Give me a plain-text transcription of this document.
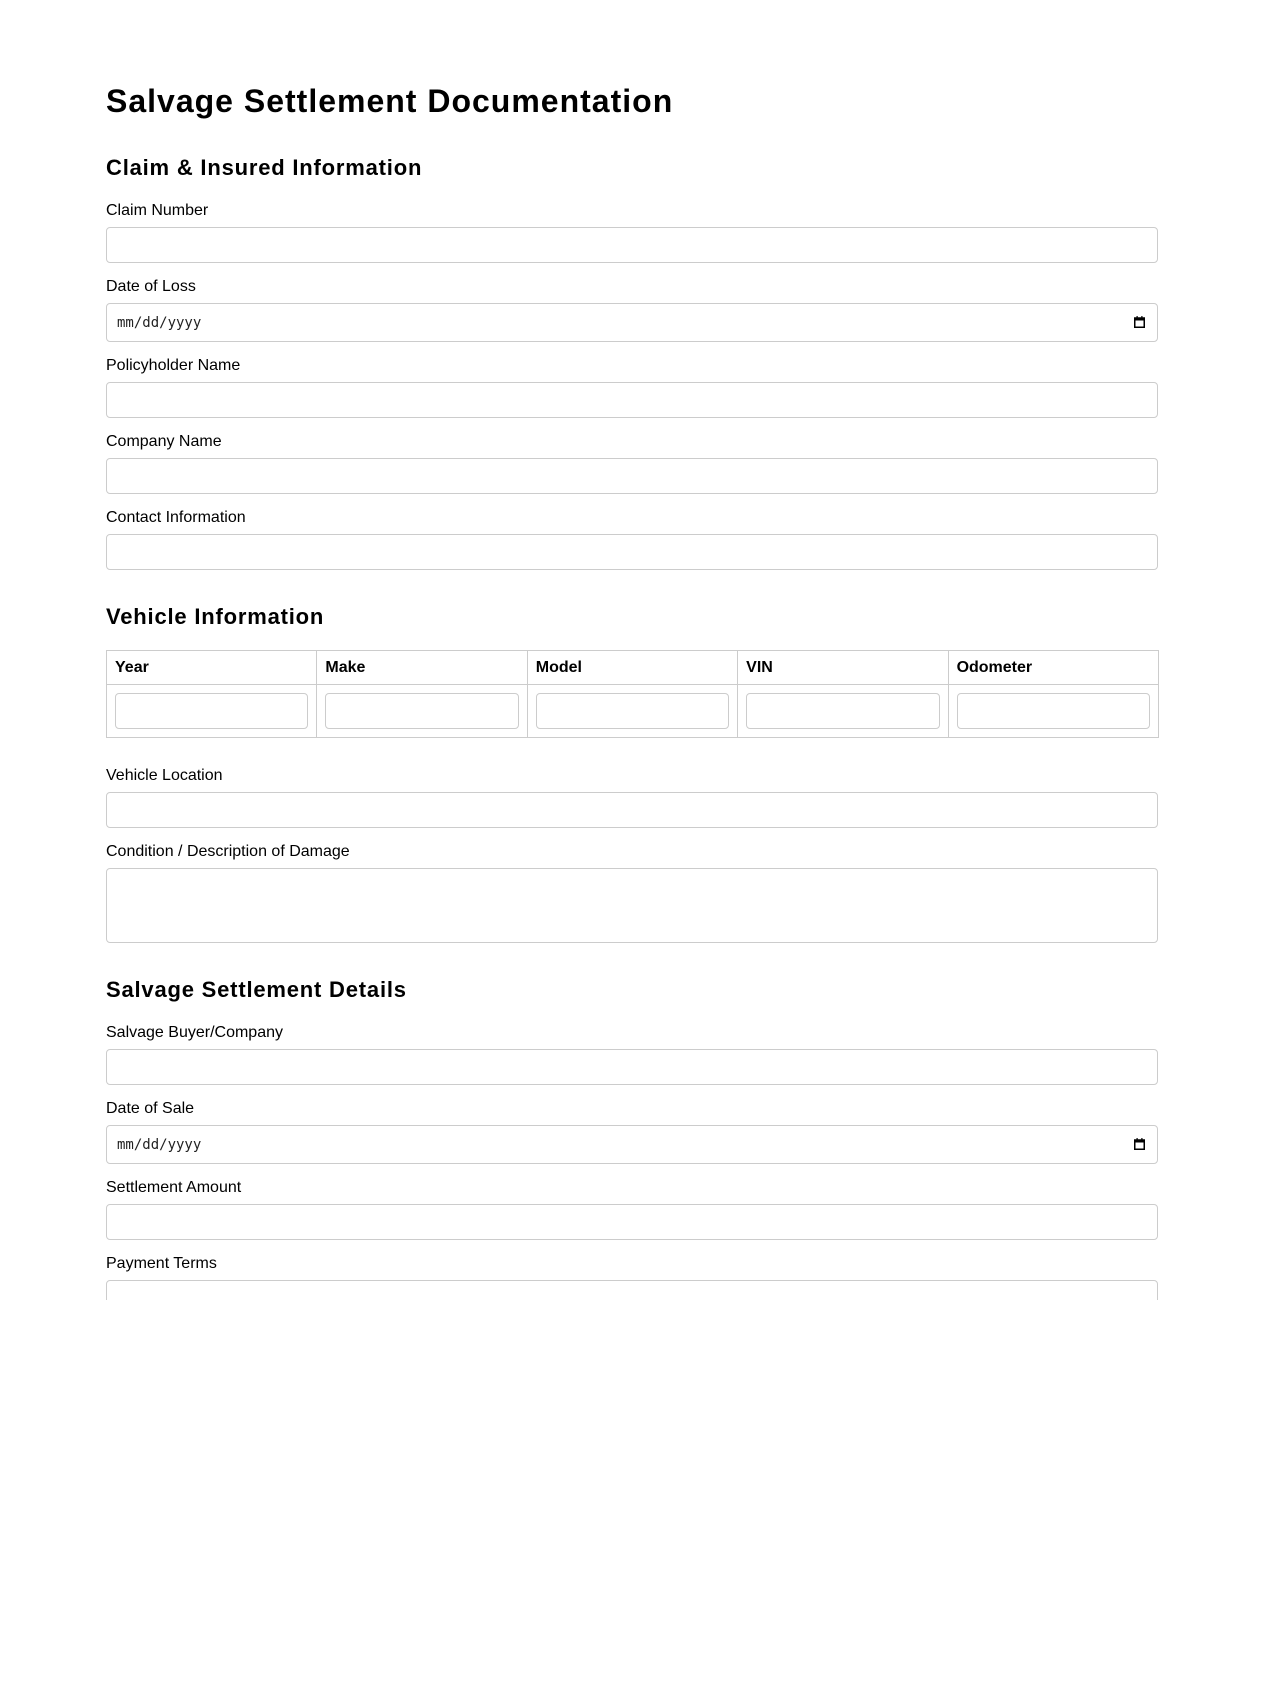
Salvage Settlement Documentation
Claim & Insured Information
Claim Number
Date of Loss
mm/dd/yyyy
Policyholder Name
Company Name
Contact Information
Vehicle Information
Year	Make	Model	VIN	Odometer

Vehicle Location
Condition / Description of Damage
Salvage Settlement Details
Salvage Buyer/Company
Date of Sale
mm/dd/yyyy
Settlement Amount
Payment Terms
